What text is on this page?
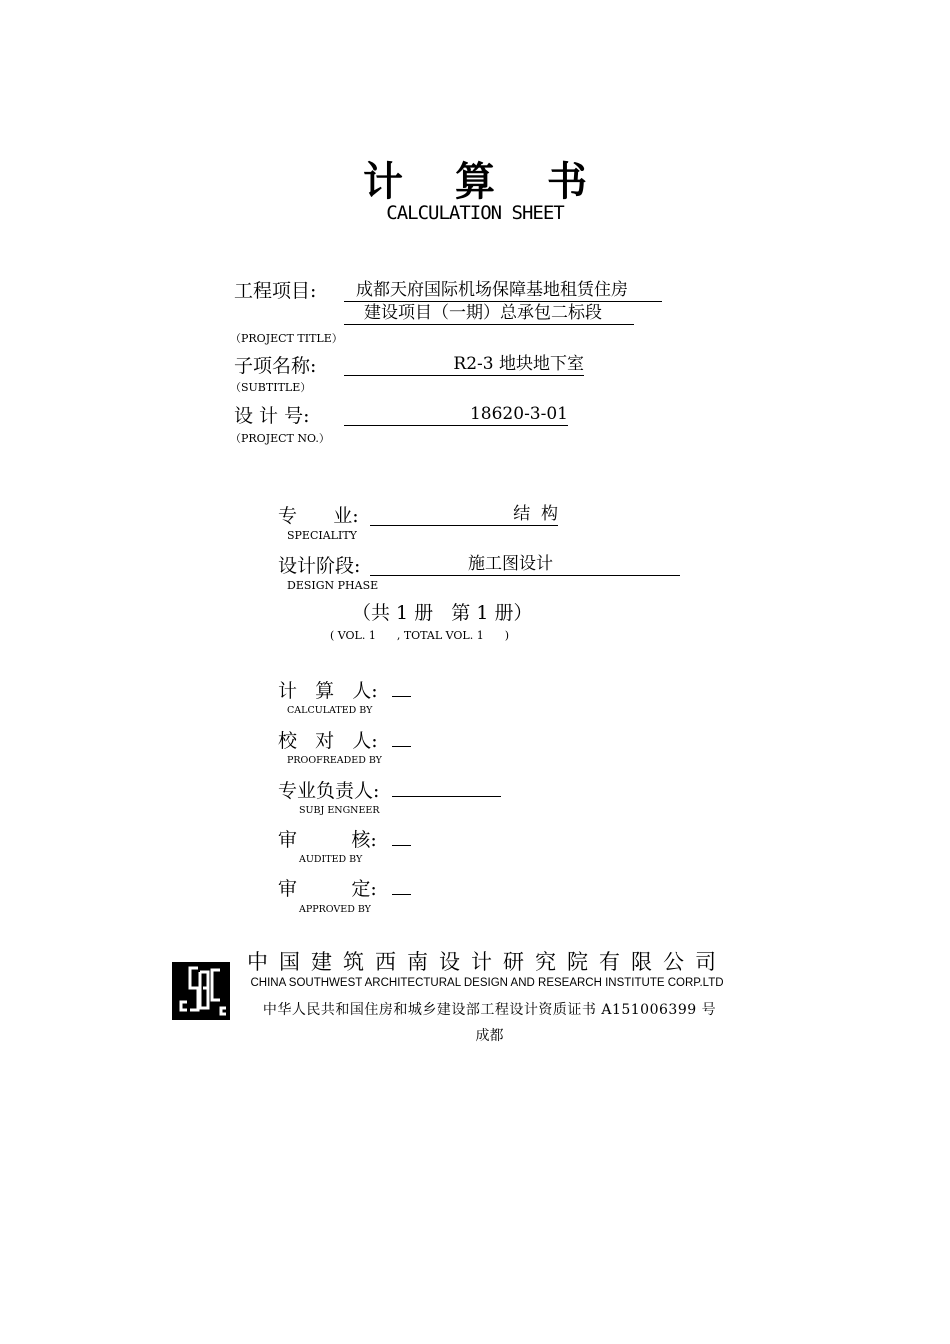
计算书
CALCULATION SHEET
工程项目:	成都天府国际机场保障基地租赁住房
建设项目（一期）总承包二标段
（PROJECT TITLE）
子项名称:	R2-3 地块地下室
（SUBTITLE）
设 计 号:	18620-3-01
（PROJECT NO.）
专      业:	结  构
SPECIALITY
设计阶段:	施工图设计
DESIGN PHASE
（共 1 册   第 1 册）
( VOL. 1      , TOTAL VOL. 1      )
计   算   人:
CALCULATED BY
校   对   人:
PROOFREADED BY
专业负责人:
SUBJ ENGNEER
审         核:
AUDITED BY
审         定:
APPROVED BY
中国建筑西南设计研究院有限公司
CHINA SOUTHWEST ARCHITECTURAL DESIGN AND RESEARCH INSTITUTE CORP.LTD
中华人民共和国住房和城乡建设部工程设计资质证书 A151006399 号
成都
